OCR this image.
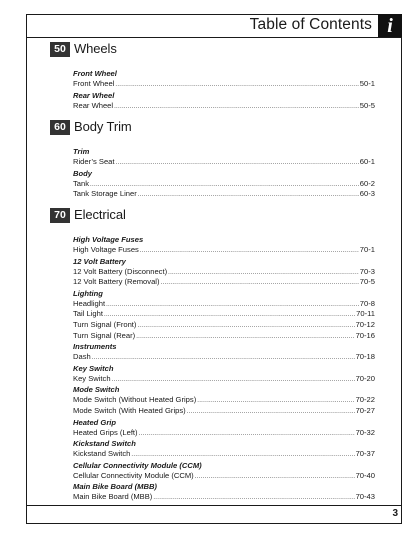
Table of Contents i
50 Wheels
Front Wheel
Front Wheel .....	50-1
Rear Wheel
Rear Wheel .....	50-5
60 Body Trim
Trim
Rider’s Seat .....	60-1
Body
Tank .....	60-2
Tank Storage Liner .....	60-3
70 Electrical
High Voltage Fuses
High Voltage Fuses .....	70-1
12 Volt Battery
12 Volt Battery (Disconnect) .....	70-3
12 Volt Battery (Removal) .....	70-5
Lighting
Headlight .....	70-8
Tail Light .....	70-11
Turn Signal (Front) .....	70-12
Turn Signal (Rear) .....	70-16
Instruments
Dash .....	70-18
Key Switch
Key Switch .....	70-20
Mode Switch
Mode Switch (Without Heated Grips) .....	70-22
Mode Switch (With Heated Grips) .....	70-27
Heated Grip
Heated Grips (Left) .....	70-32
Kickstand Switch
Kickstand Switch .....	70-37
Cellular Connectivity Module (CCM)
Cellular Connectivity Module (CCM) .....	70-40
Main Bike Board (MBB)
Main Bike Board (MBB) .....	70-43
3
